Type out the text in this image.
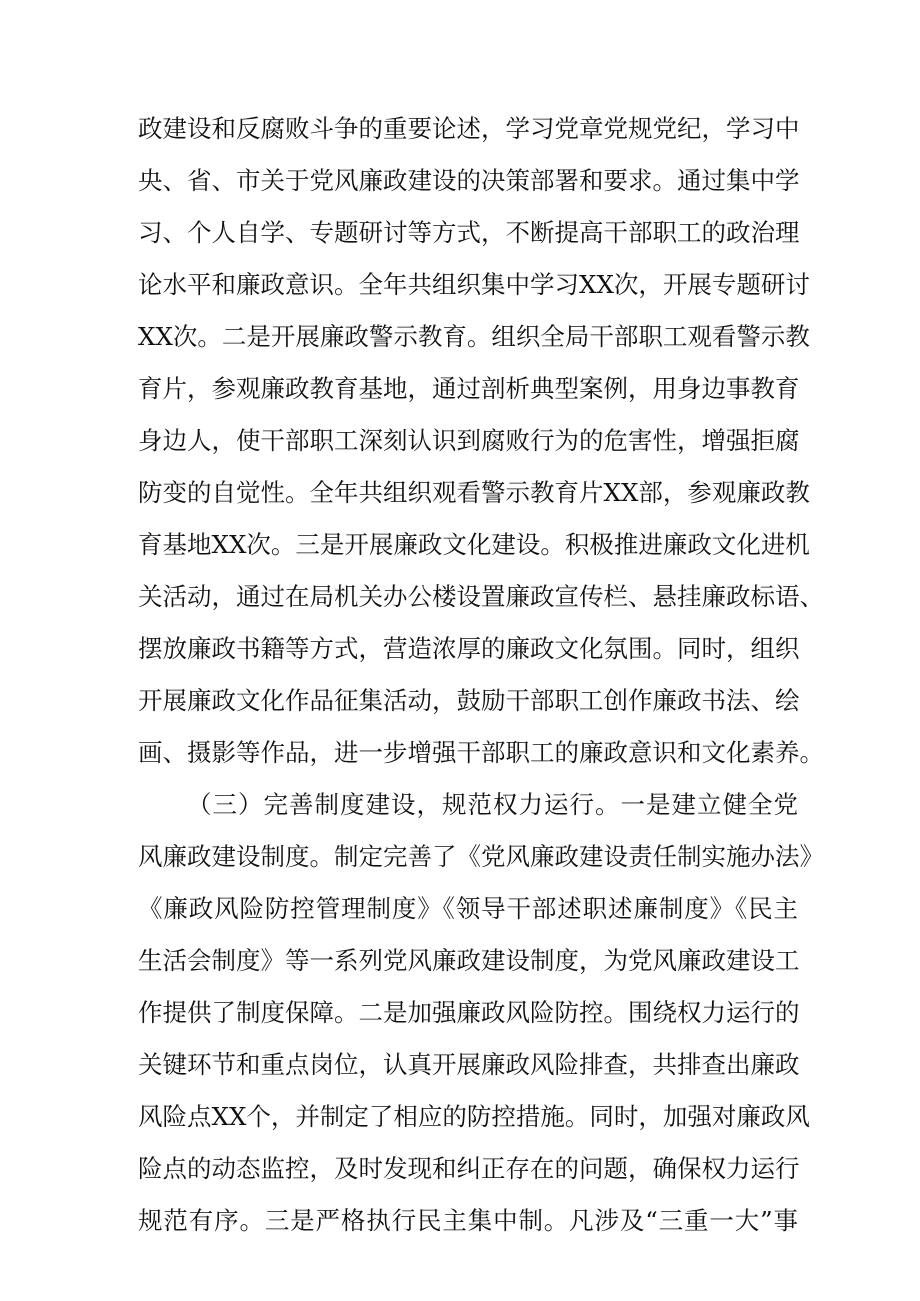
政建设和反腐败斗争的重要论述，学习党章党规党纪，学习中
央、省、市关于党风廉政建设的决策部署和要求。通过集中学
习、个人自学、专题研讨等方式，不断提高干部职工的政治理
论水平和廉政意识。全年共组织集中学习XX次，开展专题研讨
XX次。二是开展廉政警示教育。组织全局干部职工观看警示教
育片，参观廉政教育基地，通过剖析典型案例，用身边事教育
身边人，使干部职工深刻认识到腐败行为的危害性，增强拒腐
防变的自觉性。全年共组织观看警示教育片XX部，参观廉政教
育基地XX次。三是开展廉政文化建设。积极推进廉政文化进机
关活动，通过在局机关办公楼设置廉政宣传栏、悬挂廉政标语、
摆放廉政书籍等方式，营造浓厚的廉政文化氛围。同时，组织
开展廉政文化作品征集活动，鼓励干部职工创作廉政书法、绘
画、摄影等作品，进一步增强干部职工的廉政意识和文化素养。
（三）完善制度建设，规范权力运行。一是建立健全党
风廉政建设制度。制定完善了《党风廉政建设责任制实施办法》
《廉政风险防控管理制度》《领导干部述职述廉制度》《民主
生活会制度》等一系列党风廉政建设制度，为党风廉政建设工
作提供了制度保障。二是加强廉政风险防控。围绕权力运行的
关键环节和重点岗位，认真开展廉政风险排查，共排查出廉政
风险点XX个，并制定了相应的防控措施。同时，加强对廉政风
险点的动态监控，及时发现和纠正存在的问题，确保权力运行
规范有序。三是严格执行民主集中制。凡涉及“三重一大”事
